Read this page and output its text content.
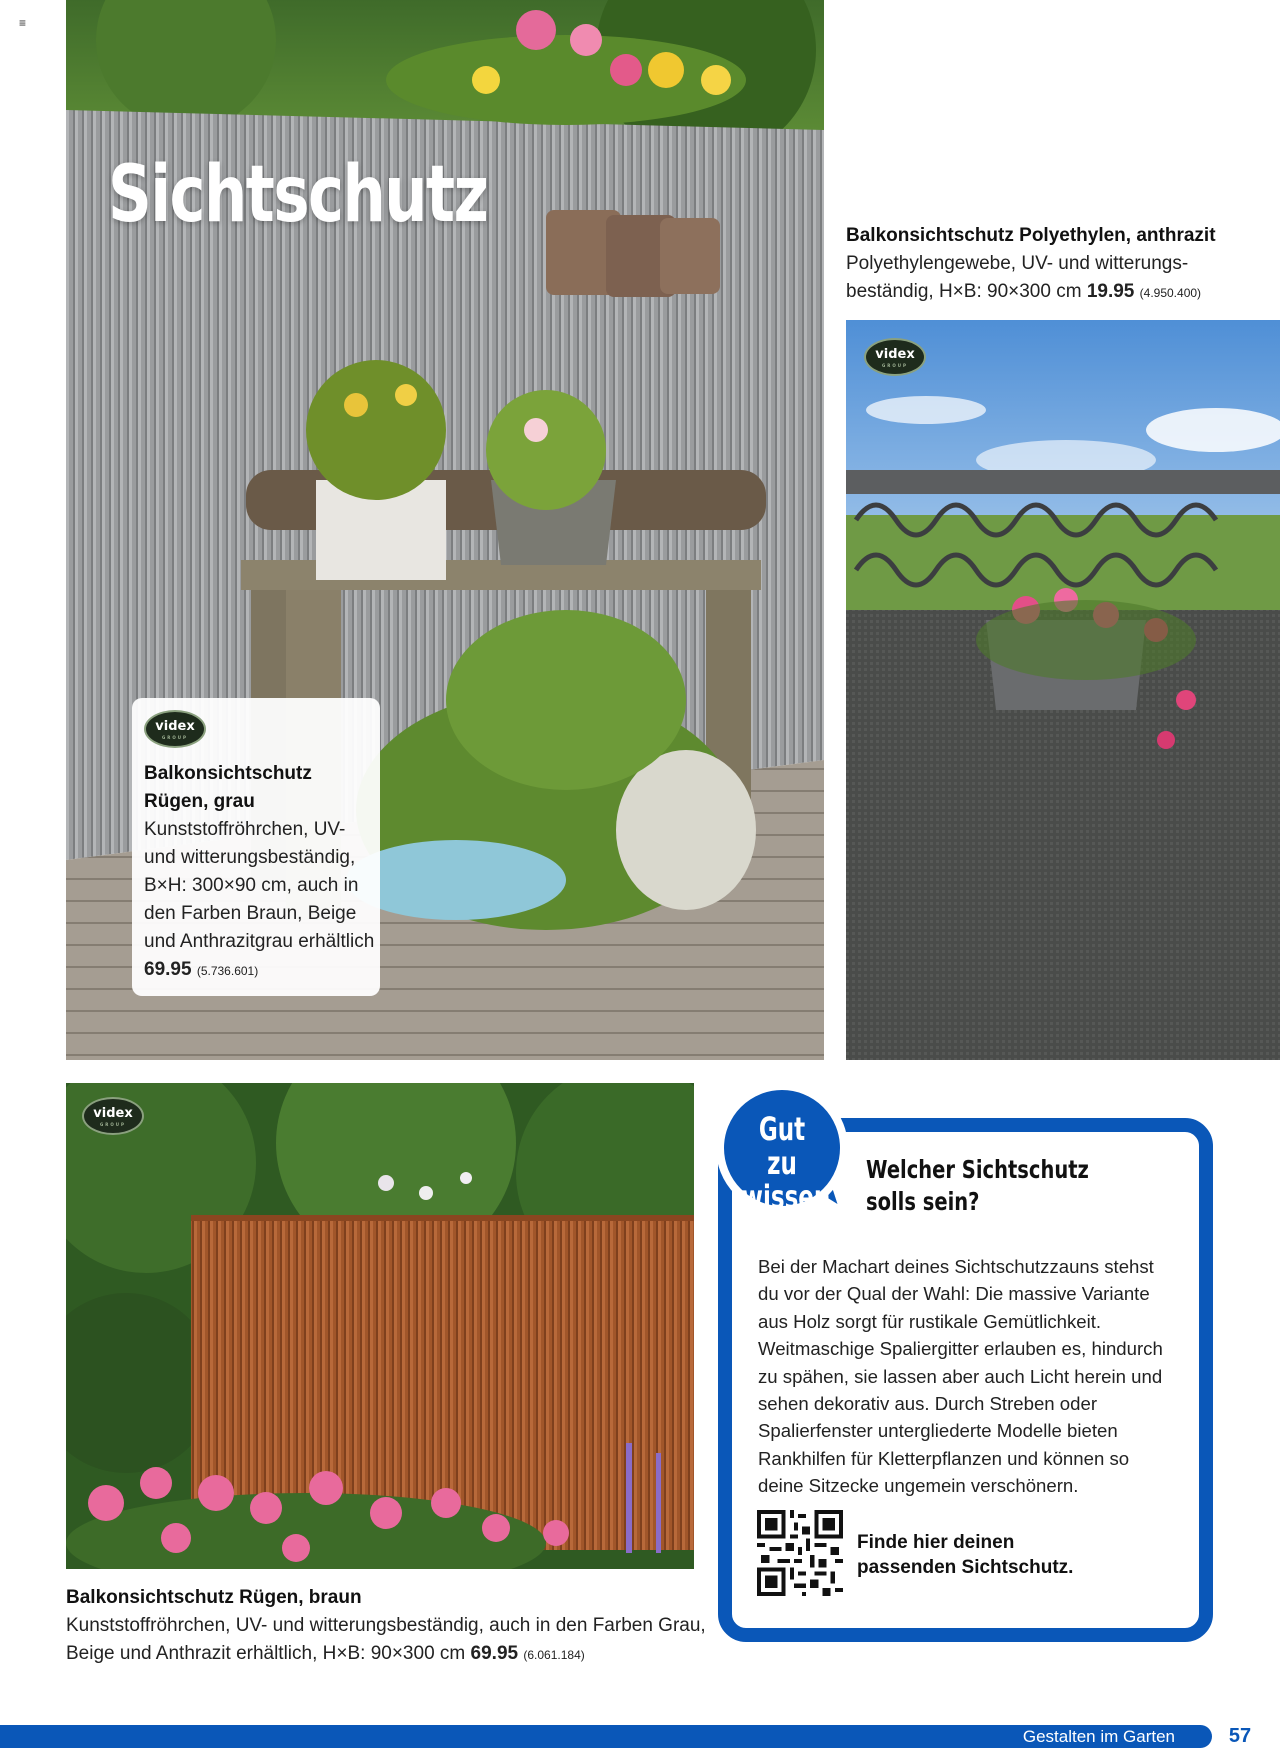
≡
Sichtschutz
videx
GROUP
Balkonsichtschutz Rügen, grau
Kunststoffröhrchen, UV- und witterungsbeständig, B×H: 300×90 cm, auch in den Farben Braun, Beige und Anthrazitgrau erhältlich
69.95 (5.736.601)
Balkonsichtschutz Polyethylen, anthrazit
Polyethylengewebe, UV- und witterungsbeständig, H×B: 90×300 cm 19.95 (4.950.400)
videx
GROUP
videx
GROUP
Balkonsichtschutz Rügen, braun
Kunststoffröhrchen, UV- und witterungsbeständig, auch in den Farben Grau, Beige und Anthrazit erhältlich, H×B: 90×300 cm 69.95 (6.061.184)
Gut zu
wissen
Welcher Sichtschutz
solls sein?
Bei der Machart deines Sichtschutzzauns stehst du vor der Qual der Wahl: Die massive Variante aus Holz sorgt für rustikale Gemütlichkeit. Weitmaschige Spaliergitter erlauben es, hindurch zu spähen, sie lassen aber auch Licht herein und sehen dekorativ aus. Durch Streben oder Spalierfenster untergliederte Modelle bieten Rankhilfen für Kletterpflanzen und können so deine Sitzecke ungemein verschönern.
Finde hier deinen
passenden Sichtschutz.
Gestalten im Garten	57
